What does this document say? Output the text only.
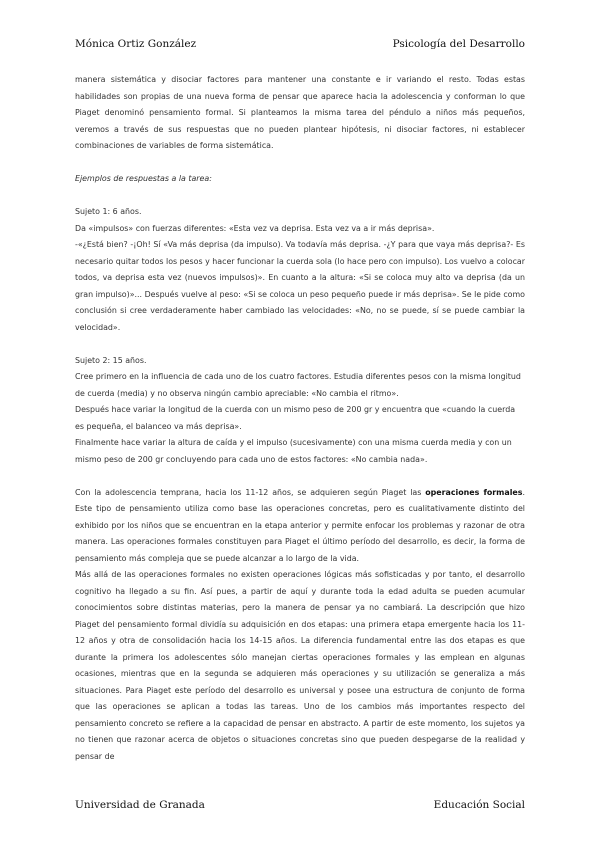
Mónica Ortiz González	Psicología del Desarrollo

manera sistemática y disociar factores para mantener una constante e ir variando el resto. Todas estas habilidades son propias de una nueva forma de pensar que aparece hacia la adolescencia y conforman lo que Piaget denominó pensamiento formal. Si planteamos la misma tarea del péndulo a niños más pequeños, veremos a través de sus respuestas que no pueden plantear hipótesis, ni disociar factores, ni establecer combinaciones de variables de forma sistemática.

Ejemplos de respuestas a la tarea:

Sujeto 1: 6 años.

Da «impulsos» con fuerzas diferentes: «Esta vez va deprisa. Esta vez va a ir más deprisa».

-«¿Está bien? -¡Oh! Sí «Va más deprisa (da impulso). Va todavía más deprisa. -¿Y para que vaya más deprisa?- Es necesario quitar todos los pesos y hacer funcionar la cuerda sola (lo hace pero con impulso). Los vuelvo a colocar todos, va deprisa esta vez (nuevos impulsos)». En cuanto a la altura: «Si se coloca muy alto va deprisa (da un gran impulso)»... Después vuelve al peso: «Si se coloca un peso pequeño puede ir más deprisa». Se le pide como conclusión si cree verdaderamente haber cambiado las velocidades: «No, no se puede, sí se puede cambiar la velocidad».

Sujeto 2: 15 años.

Cree primero en la influencia de cada uno de los cuatro factores. Estudia diferentes pesos con la misma longitud de cuerda (media) y no observa ningún cambio apreciable: «No cambia el ritmo».

Después hace variar la longitud de la cuerda con un mismo peso de 200 gr y encuentra que «cuando la cuerda es pequeña, el balanceo va más deprisa».

Finalmente hace variar la altura de caída y el impulso (sucesivamente) con una misma cuerda media y con un mismo peso de 200 gr concluyendo para cada uno de estos factores: «No cambia nada».

Con la adolescencia temprana, hacia los 11-12 años, se adquieren según Piaget las operaciones formales. Este tipo de pensamiento utiliza como base las operaciones concretas, pero es cualitativamente distinto del exhibido por los niños que se encuentran en la etapa anterior y permite enfocar los problemas y razonar de otra manera. Las operaciones formales constituyen para Piaget el último período del desarrollo, es decir, la forma de pensamiento más compleja que se puede alcanzar a lo largo de la vida.

Más allá de las operaciones formales no existen operaciones lógicas más sofisticadas y por tanto, el desarrollo cognitivo ha llegado a su fin. Así pues, a partir de aquí y durante toda la edad adulta se pueden acumular conocimientos sobre distintas materias, pero la manera de pensar ya no cambiará. La descripción que hizo Piaget del pensamiento formal dividía su adquisición en dos etapas: una primera etapa emergente hacia los 11-12 años y otra de consolidación hacia los 14-15 años. La diferencia fundamental entre las dos etapas es que durante la primera los adolescentes sólo manejan ciertas operaciones formales y las emplean en algunas ocasiones, mientras que en la segunda se adquieren más operaciones y su utilización se generaliza a más situaciones. Para Piaget este período del desarrollo es universal y posee una estructura de conjunto de forma que las operaciones se aplican a todas las tareas. Uno de los cambios más importantes respecto del pensamiento concreto se refiere a la capacidad de pensar en abstracto. A partir de este momento, los sujetos ya no tienen que razonar acerca de objetos o situaciones concretas sino que pueden despegarse de la realidad y pensar de

Universidad de Granada	Educación Social
